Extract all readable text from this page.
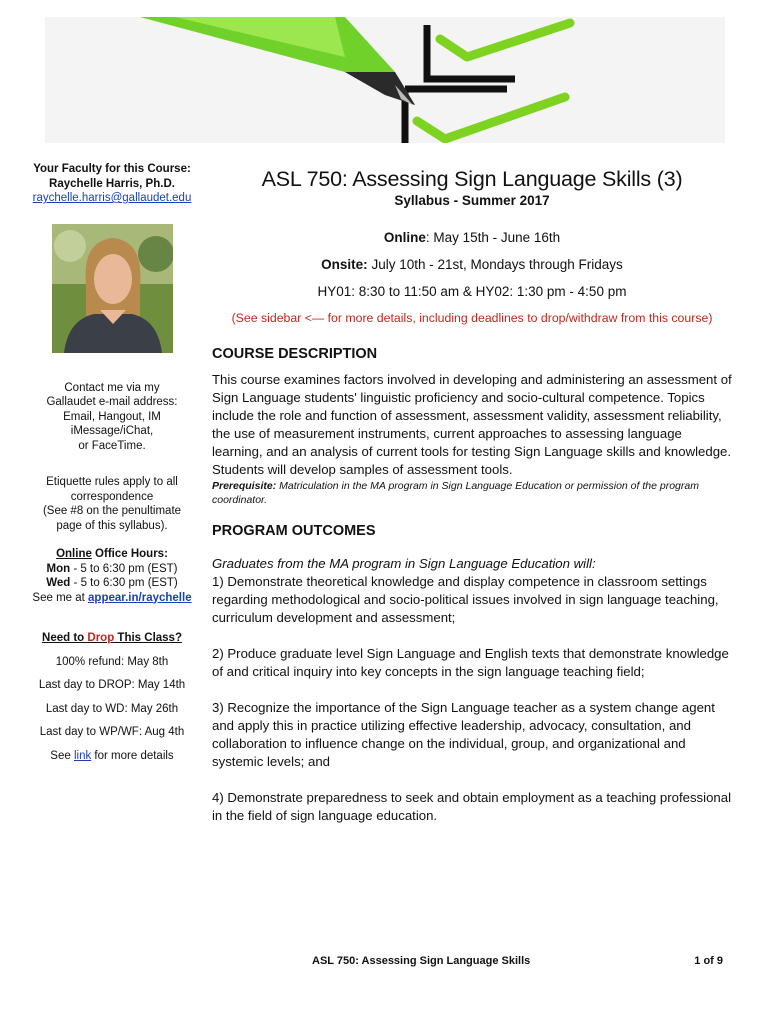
Your Faculty for this Course:
Raychelle Harris, Ph.D.
raychelle.harris@gallaudet.edu
Contact me via my
Gallaudet e-mail address:
Email, Hangout, IM
iMessage/iChat,
or FaceTime.
Etiquette rules apply to all
correspondence
(See #8 on the penultimate
page of this syllabus).
Online Office Hours:
Mon - 5 to 6:30 pm (EST)
Wed - 5 to 6:30 pm (EST)
See me at appear.in/raychelle
Need to Drop This Class?
100% refund: May 8th
Last day to DROP: May 14th
Last day to WD: May 26th
Last day to WP/WF: Aug 4th
See link for more details
ASL 750: Assessing Sign Language Skills (3)
Syllabus - Summer 2017
Online: May 15th - June 16th
Onsite: July 10th - 21st, Mondays through Fridays
HY01: 8:30 to 11:50 am & HY02: 1:30 pm - 4:50 pm
(See sidebar <— for more details, including deadlines to drop/withdraw from this course)
COURSE DESCRIPTION

This course examines factors involved in developing and administering an assessment of Sign Language students' linguistic proficiency and socio-cultural competence. Topics include the role and function of assessment, assessment validity, assessment reliability, the use of measurement instruments, current approaches to assessing language learning, and an analysis of current tools for testing Sign Language skills and knowledge. Students will develop samples of assessment tools.

Prerequisite: Matriculation in the MA program in Sign Language Education or permission of the program coordinator.

PROGRAM OUTCOMES

Graduates from the MA program in Sign Language Education will:

1) Demonstrate theoretical knowledge and display competence in classroom settings regarding methodological and socio-political issues involved in sign language teaching, curriculum development and assessment;

2) Produce graduate level Sign Language and English texts that demonstrate knowledge of and critical inquiry into key concepts in the sign language teaching field;

3) Recognize the importance of the Sign Language teacher as a system change agent and apply this in practice utilizing effective leadership, advocacy, consultation, and collaboration to influence change on the individual, group, and organizational and systemic levels; and

4) Demonstrate preparedness to seek and obtain employment as a teaching professional in the field of sign language education.

ASL 750: Assessing Sign Language Skills	1 of 9
